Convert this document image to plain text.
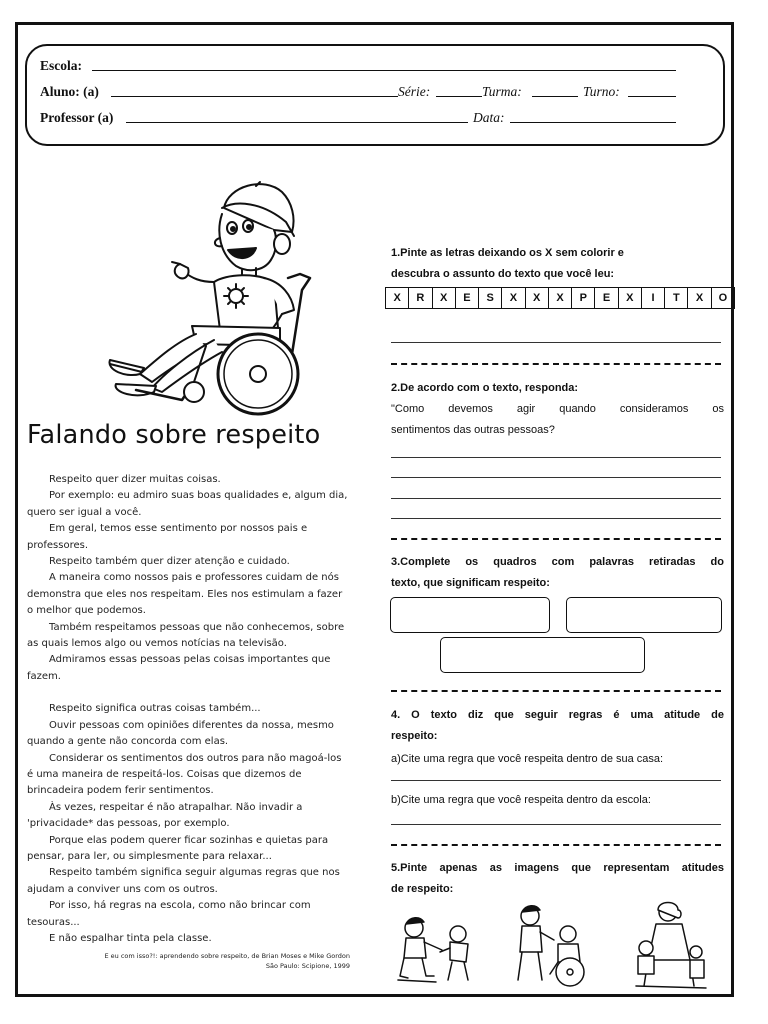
Escola:
Aluno: (a)	Série:	Turma:	Turno:
Professor (a)	Data:
Falando sobre respeito

Respeito quer dizer muitas coisas.

Por exemplo: eu admiro suas boas qualidades e, algum dia, quero ser igual a você.

Em geral, temos esse sentimento por nossos pais e professores.

Respeito também quer dizer atenção e cuidado.

A maneira como nossos pais e professores cuidam de nós demonstra que eles nos respeitam. Eles nos estimulam a fazer o melhor que podemos.

Também respeitamos pessoas que não conhecemos, sobre as quais lemos algo ou vemos notícias na televisão.

Admiramos essas pessoas pelas coisas importantes que fazem.

Respeito significa outras coisas também...

Ouvir pessoas com opiniões diferentes da nossa, mesmo quando a gente não concorda com elas.

Considerar os sentimentos dos outros para não magoá-los é uma maneira de respeitá-los. Coisas que dizemos de brincadeira podem ferir sentimentos.

Às vezes, respeitar é não atrapalhar. Não invadir a 'privacidade* das pessoas, por exemplo.

Porque elas podem querer ficar sozinhas e quietas para pensar, para ler, ou simplesmente para relaxar...

Respeito também significa seguir algumas regras que nos ajudam a conviver uns com os outros.

Por isso, há regras na escola, como não brincar com tesouras...

E não espalhar tinta pela classe.

E eu com isso?!: aprendendo sobre respeito, de Brian Moses e Mike Gordon
São Paulo: Scipione, 1999
1.Pinte as letras deixando os X sem colorir e
descubra o assunto do texto que você leu:
X	R	X	E	S	X	X	X	P	E	X	I	T	X	O
2.De acordo com o texto, responda:
"Como devemos agir quando consideramos os
sentimentos das outras pessoas?
3.Complete os quadros com palavras retiradas do
texto, que significam respeito:
4. O texto diz que seguir regras é uma atitude de
respeito:
a)Cite uma regra que você respeita dentro de sua casa:
b)Cite uma regra que você respeita dentro da escola:
5.Pinte apenas as imagens que representam atitudes
de respeito:
